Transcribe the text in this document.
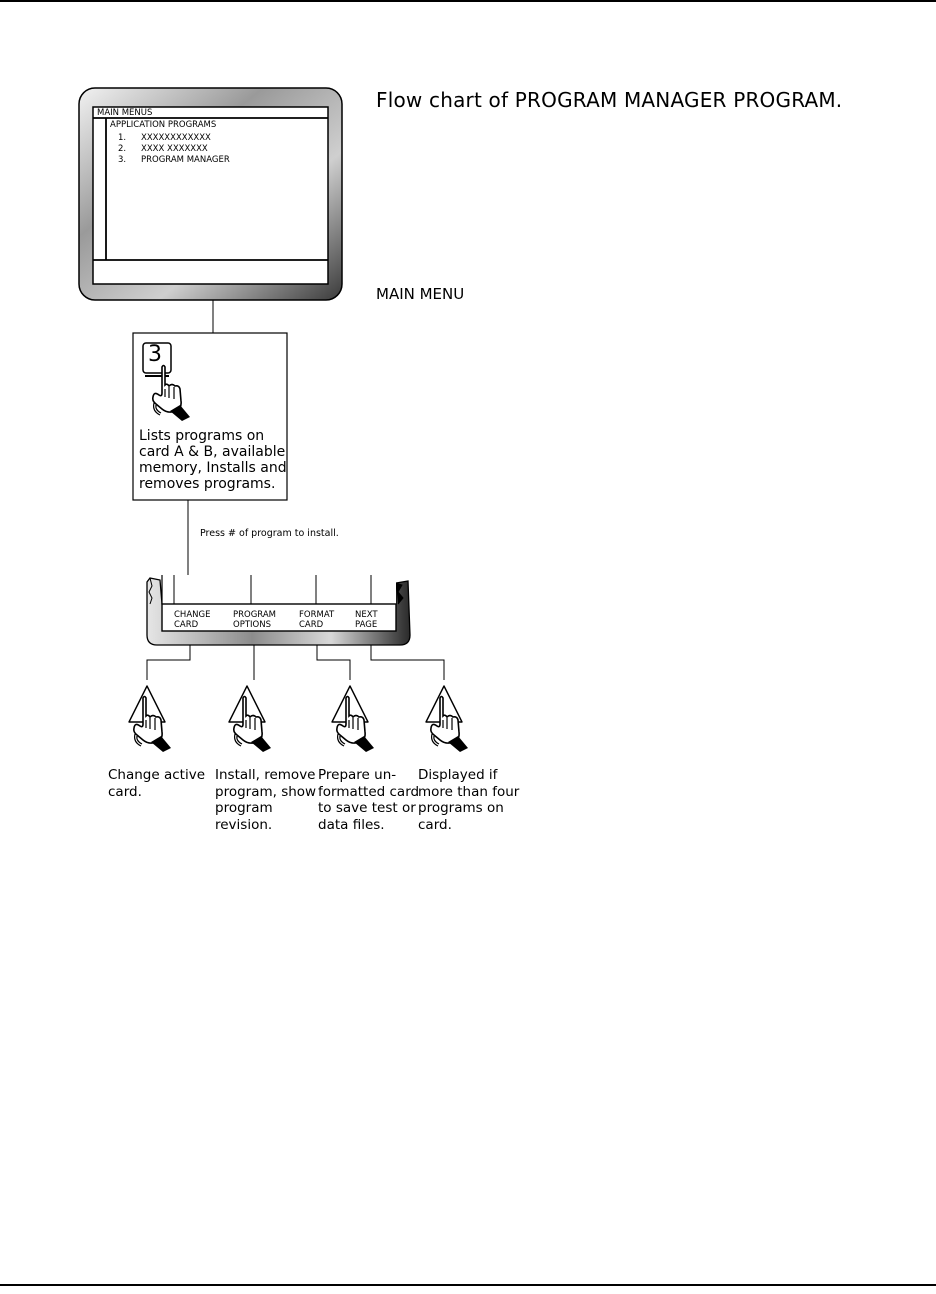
Flow chart of PROGRAM MANAGER PROGRAM.
MAIN MENU
MAIN MENUS
APPLICATION PROGRAMS
1. XXXXXXXXXXXX
2. XXXX XXXXXXX
3. PROGRAM MANAGER
3
Lists programs on card A & B, available memory, Installs and removes programs.
Press # of program to install.
CHANGE
CARD
PROGRAM
OPTIONS
FORMAT
CARD
NEXT
PAGE
Change active
card.
Install, remove
program, show
program
revision.
Prepare un-
formatted card
to save test or
data files.
Displayed if
more than four
programs on
card.
